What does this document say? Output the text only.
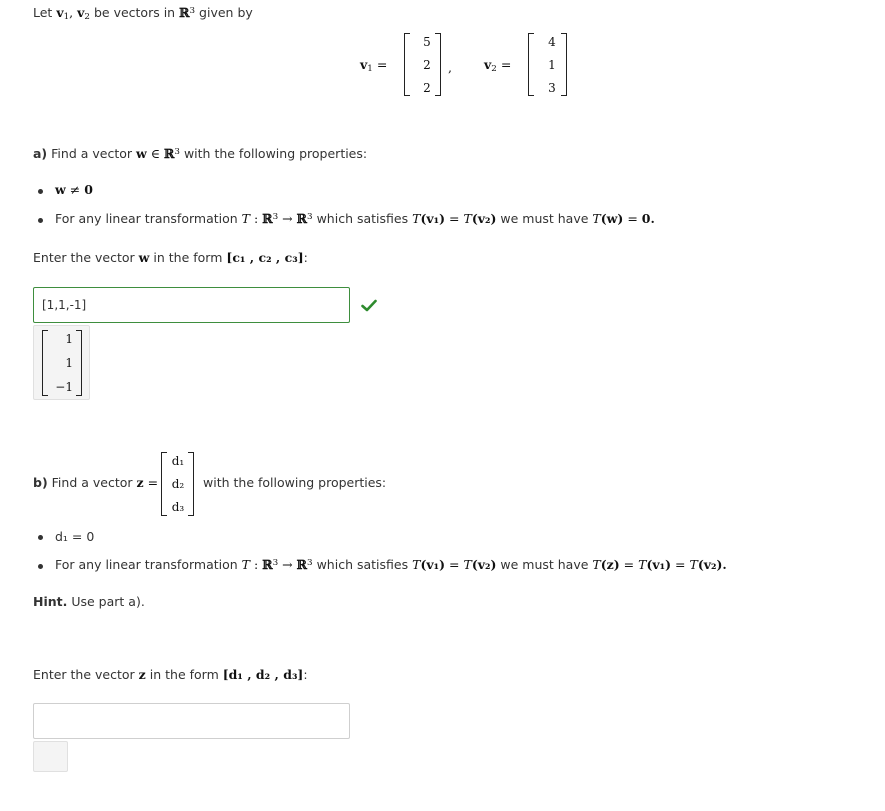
Let $v_1$, $v_2$ be vectors in ℝ$^3$ given by
$v_1$ =
5
2
2
,	$v_2$ =
4
1
3
a) Find a vector w ∈ ℝ$^3$ with the following properties:
w ≠ 0
For any linear transformation T : ℝ$^3$ → ℝ$^3$ which satisfies T(v₁) = T(v₂) we must have T(w) = 0.
Enter the vector w in the form [c₁ , c₂ , c₃]:
[1,1,-1]
1
1
−1
b) Find a vector z =
d₁
d₂
d₃
with the following properties:
d₁ = 0
For any linear transformation T : ℝ$^3$ → ℝ$^3$ which satisfies T(v₁) = T(v₂) we must have T(z) = T(v₁) = T(v₂).
Hint. Use part a).
Enter the vector z in the form [d₁ , d₂ , d₃]:
